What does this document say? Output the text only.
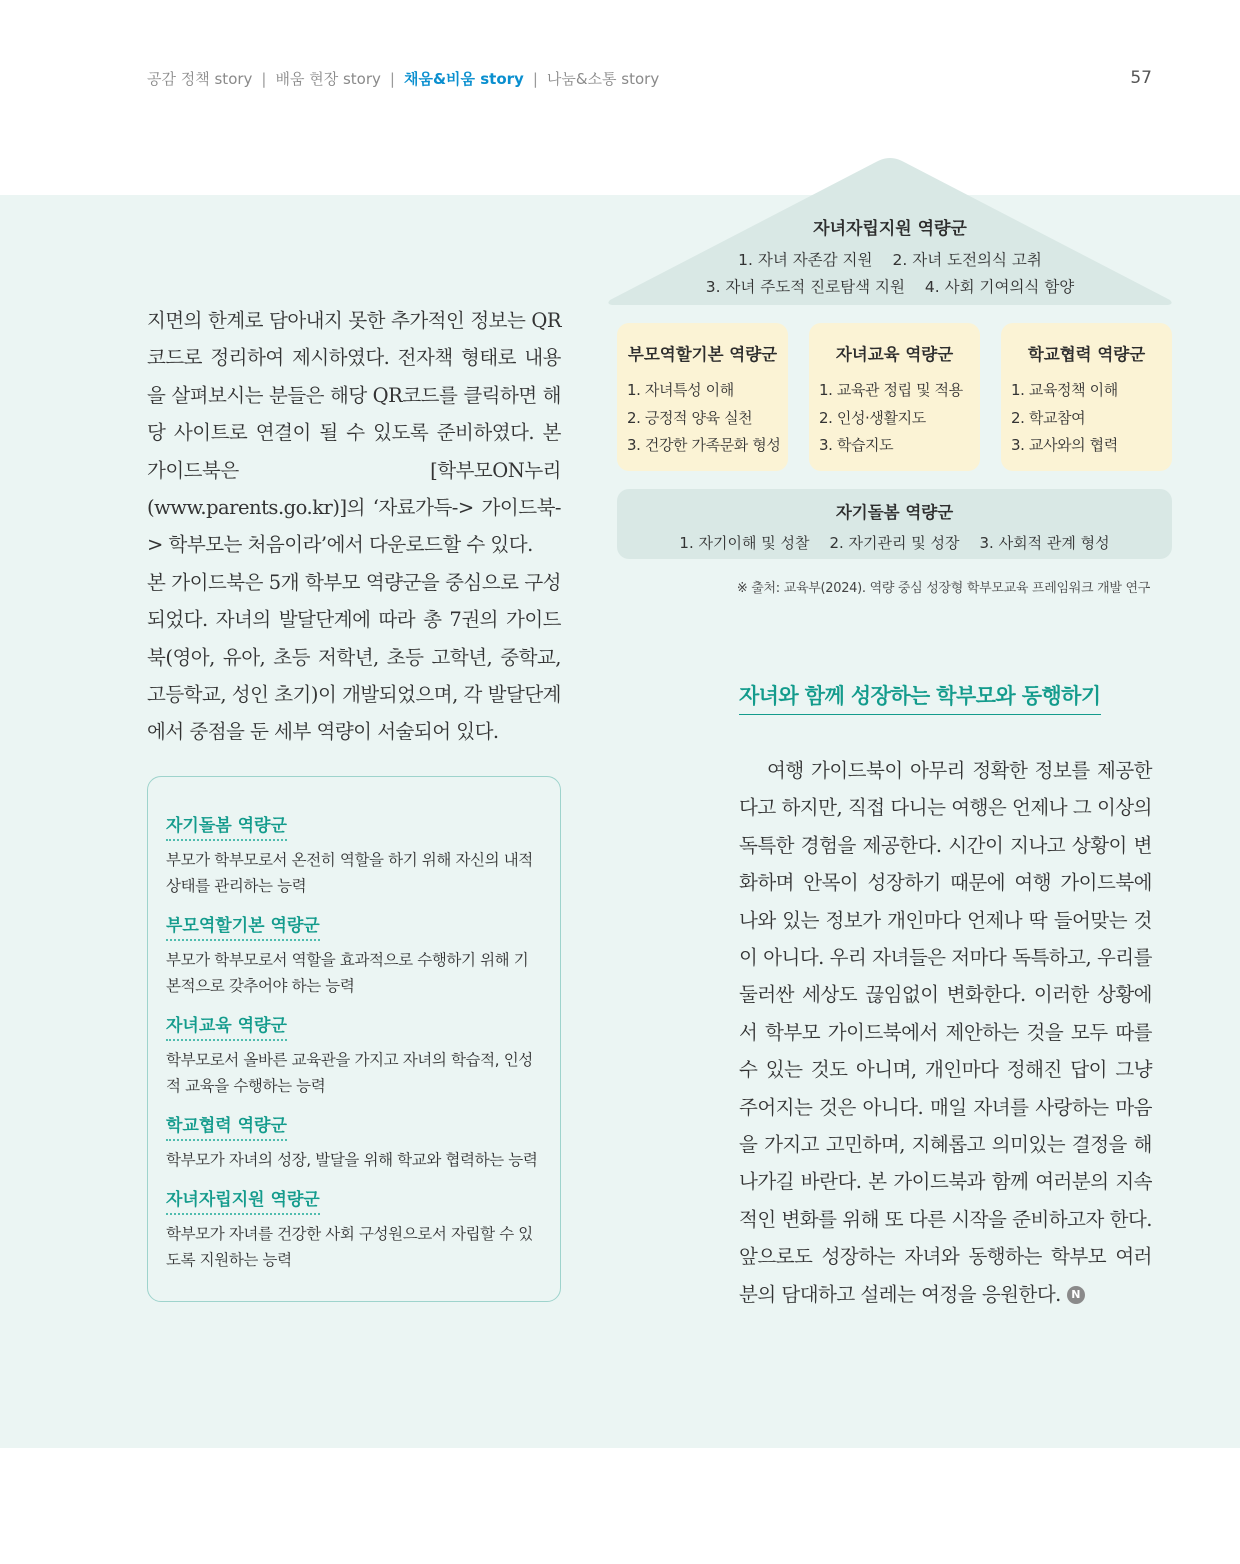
공감 정책 story | 배움 현장 story | 채움&비움 story | 나눔&소통 story	57
자녀자립지원 역량군
1. 자녀 자존감 지원 2. 자녀 도전의식 고취
3. 자녀 주도적 진로탐색 지원 4. 사회 기여의식 함양
부모역할기본 역량군
1. 자녀특성 이해
2. 긍정적 양육 실천
3. 건강한 가족문화 형성
자녀교육 역량군
1. 교육관 정립 및 적용
2. 인성·생활지도
3. 학습지도
학교협력 역량군
1. 교육정책 이해
2. 학교참여
3. 교사와의 협력
자기돌봄 역량군
1. 자기이해 및 성찰 2. 자기관리 및 성장 3. 사회적 관계 형성
※ 출처: 교육부(2024). 역량 중심 성장형 학부모교육 프레임워크 개발 연구

지면의 한계로 담아내지 못한 추가적인 정보는 QR코드로 정리하여 제시하였다. 전자책 형태로 내용을 살펴보시는 분들은 해당 QR코드를 클릭하면 해당 사이트로 연결이 될 수 있도록 준비하였다. 본 가이드북은 [학부모ON누리(www.parents.go.kr)]의 ‘자료가득-> 가이드북-> 학부모는 처음이라’에서 다운로드할 수 있다.

본 가이드북은 5개 학부모 역량군을 중심으로 구성되었다. 자녀의 발달단계에 따라 총 7권의 가이드북(영아, 유아, 초등 저학년, 초등 고학년, 중학교, 고등학교, 성인 초기)이 개발되었으며, 각 발달단계에서 중점을 둔 세부 역량이 서술되어 있다.

자기돌봄 역량군
부모가 학부모로서 온전히 역할을 하기 위해 자신의 내적 상태를 관리하는 능력
부모역할기본 역량군
부모가 학부모로서 역할을 효과적으로 수행하기 위해 기본적으로 갖추어야 하는 능력
자녀교육 역량군
학부모로서 올바른 교육관을 가지고 자녀의 학습적, 인성적 교육을 수행하는 능력
학교협력 역량군
학부모가 자녀의 성장, 발달을 위해 학교와 협력하는 능력
자녀자립지원 역량군
학부모가 자녀를 건강한 사회 구성원으로서 자립할 수 있도록 지원하는 능력
자녀와 함께 성장하는 학부모와 동행하기

여행 가이드북이 아무리 정확한 정보를 제공한다고 하지만, 직접 다니는 여행은 언제나 그 이상의 독특한 경험을 제공한다. 시간이 지나고 상황이 변화하며 안목이 성장하기 때문에 여행 가이드북에 나와 있는 정보가 개인마다 언제나 딱 들어맞는 것이 아니다. 우리 자녀들은 저마다 독특하고, 우리를 둘러싼 세상도 끊임없이 변화한다. 이러한 상황에서 학부모 가이드북에서 제안하는 것을 모두 따를 수 있는 것도 아니며, 개인마다 정해진 답이 그냥 주어지는 것은 아니다. 매일 자녀를 사랑하는 마음을 가지고 고민하며, 지혜롭고 의미있는 결정을 해나가길 바란다. 본 가이드북과 함께 여러분의 지속적인 변화를 위해 또 다른 시작을 준비하고자 한다. 앞으로도 성장하는 자녀와 동행하는 학부모 여러분의 담대하고 설레는 여정을 응원한다. N
